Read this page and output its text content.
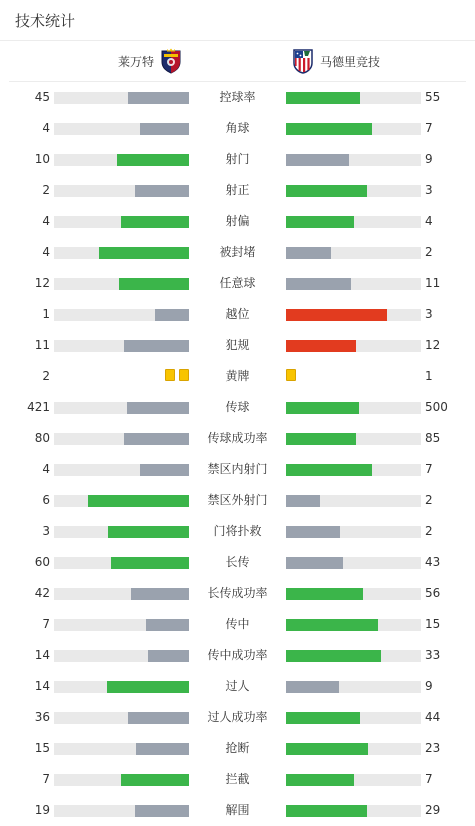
技术统计
莱万特	马德里竞技
45	控球率	55
4	角球	7
10	射门	9
2	射正	3
4	射偏	4
4	被封堵	2
12	任意球	11
1	越位	3
11	犯规	12
2	黄牌	1
421	传球	500
80	传球成功率	85
4	禁区内射门	7
6	禁区外射门	2
3	门将扑救	2
60	长传	43
42	长传成功率	56
7	传中	15
14	传中成功率	33
14	过人	9
36	过人成功率	44
15	抢断	23
7	拦截	7
19	解围	29
